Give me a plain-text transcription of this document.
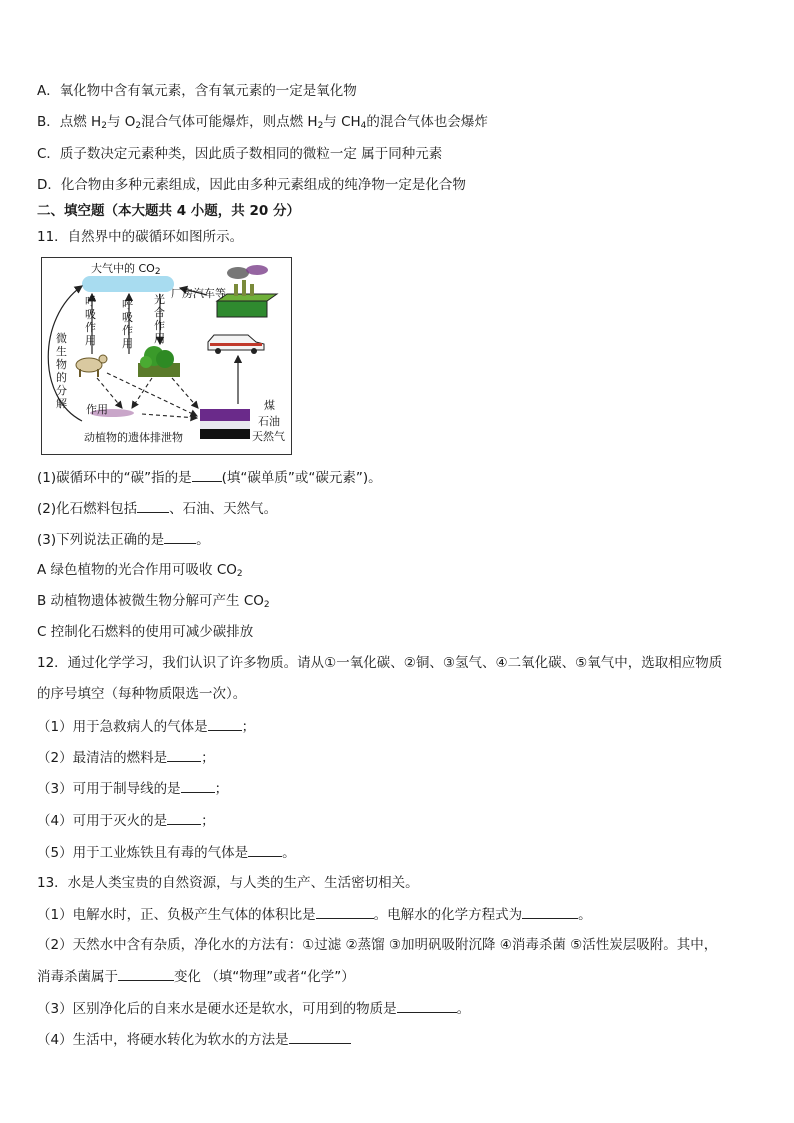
A．氧化物中含有氧元素，含有氧元素的一定是氧化物
B．点燃 $H_2$与 $O_2$混合气体可能爆炸，则点燃 $H_2$与 $CH_4$的混合气体也会爆炸
C．质子数决定元素种类，因此质子数相同的微粒一定 属于同种元素
D．化合物由多种元素组成，因此由多种元素组成的纯净物一定是化合物
二、填空题（本大题共 4 小题，共 20 分）
11．自然界中的碳循环如图所示。
大气中的 $CO_2$
厂房汽车等
呼吸作用
呼吸作用
光合作用
微生物的分解 作用
动植物的遗体排泄物
煤
石油
天然气
(1)碳循环中的“碳”指的是 (填“碳单质”或“碳元素”)。
(2)化石燃料包括 、石油、天然气。
(3)下列说法正确的是 。
A 绿色植物的光合作用可吸收 $CO_2$
B 动植物遗体被微生物分解可产生 $CO_2$
C 控制化石燃料的使用可减少碳排放
12．通过化学学习，我们认识了许多物质。请从①一氧化碳、②铜、③氢气、④二氧化碳、⑤氧气中，选取相应物质
的序号填空（每种物质限选一次）。
（1）用于急救病人的气体是	；
（2）最清洁的燃料是	；
（3）可用于制导线的是	；
（4）可用于灭火的是	；
（5）用于工业炼铁且有毒的气体是	。
13．水是人类宝贵的自然资源，与人类的生产、生活密切相关。
（1）电解水时，正、负极产生气体的体积比是	。电解水的化学方程式为	。
（2）天然水中含有杂质，净化水的方法有：①过滤 ②蒸馏 ③加明矾吸附沉降 ④消毒杀菌 ⑤活性炭层吸附。其中，
消毒杀菌属于	变化 （填“物理”或者“化学”）
（3）区别净化后的自来水是硬水还是软水，可用到的物质是	。
（4）生活中，将硬水转化为软水的方法是
